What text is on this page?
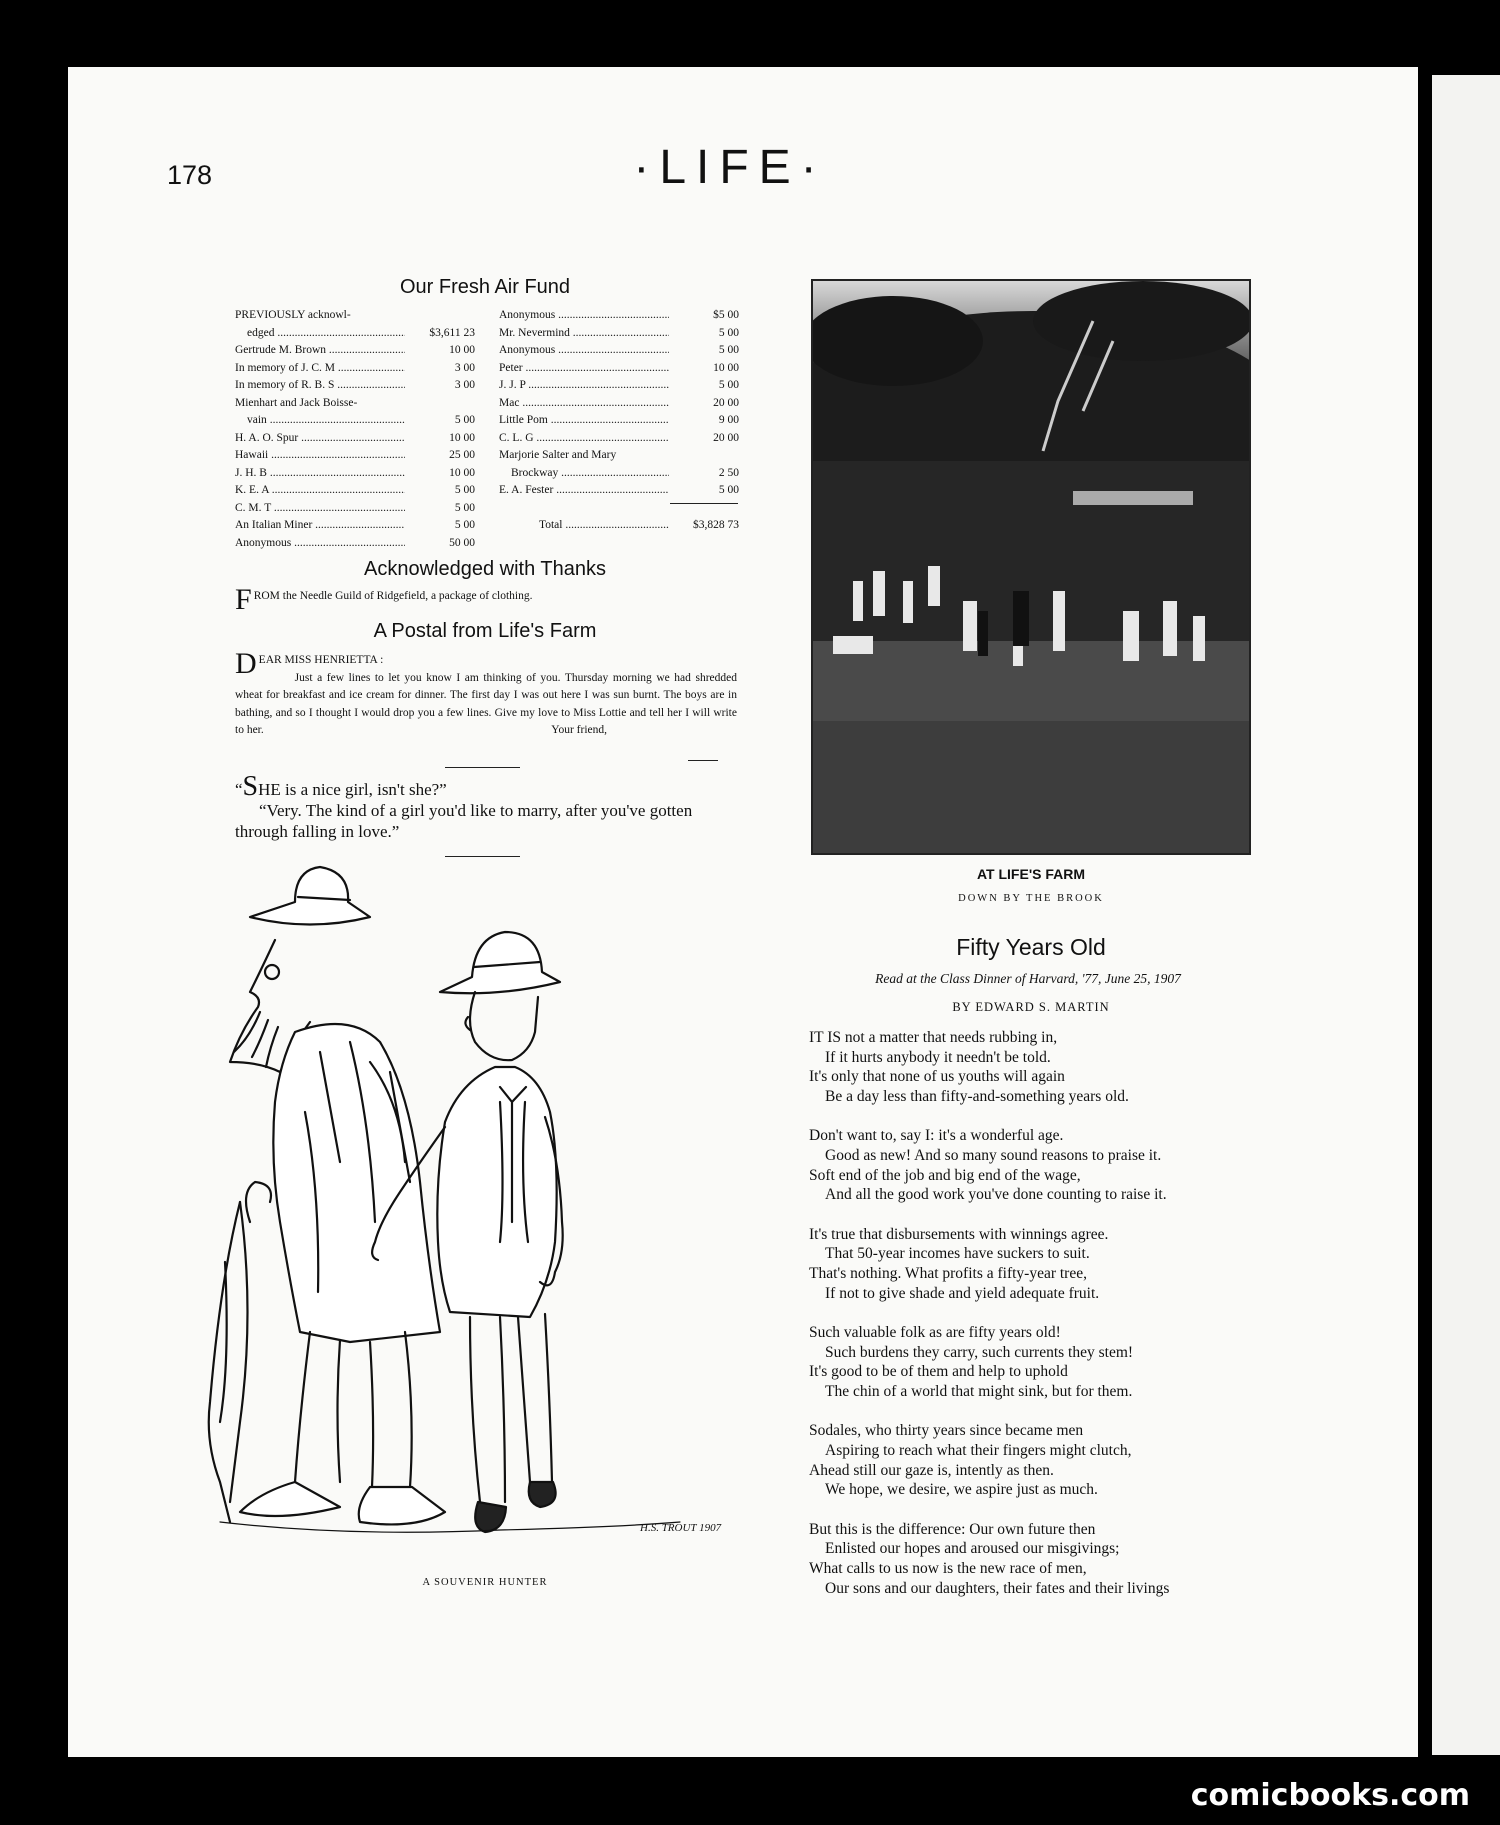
178	·LIFE·
Our Fresh Air Fund
PREVIOUSLY acknowl-
edged .....	$3,611 23
Gertrude M. Brown .....	10 00
In memory of J. C. M .....	3 00
In memory of R. B. S .....	3 00
Mienhart and Jack Boisse-
vain .....	5 00
H. A. O. Spur .....	10 00
Hawaii .....	25 00
J. H. B .....	10 00
K. E. A .....	5 00
C. M. T .....	5 00
An Italian Miner .....	5 00
Anonymous .....	50 00
Anonymous .....	$5 00
Mr. Nevermind .....	5 00
Anonymous .....	5 00
Peter .....	10 00
J. J. P .....	5 00
Mac .....	20 00
Little Pom .....	9 00
C. L. G .....	20 00
Marjorie Salter and Mary
Brockway .....	2 50
E. A. Fester .....	5 00
Total .....	$3,828 73
Acknowledged with Thanks
FROM the Needle Guild of Ridgefield, a package of clothing.
A Postal from Life's Farm
DEAR MISS HENRIETTA :
Just a few lines to let you know I am thinking of you. Thursday morning we had shredded wheat for breakfast and ice cream for dinner. The first day I was out here I was sun burnt. The boys are in bathing, and so I thought I would drop you a few lines. Give my love to Miss Lottie and tell her I will write to her.	Your friend,
“SHE is a nice girl, isn't she?”
“Very. The kind of a girl you'd like to marry, after you've gotten through falling in love.”
H.S. TROUT 1907
A SOUVENIR HUNTER
AT LIFE'S FARM
DOWN BY THE BROOK
Fifty Years Old
Read at the Class Dinner of Harvard, '77, June 25, 1907
BY EDWARD S. MARTIN
IT IS not a matter that needs rubbing in,
If it hurts anybody it needn't be told.
It's only that none of us youths will again
Be a day less than fifty-and-something years old.
Don't want to, say I: it's a wonderful age.
Good as new! And so many sound reasons to praise it.
Soft end of the job and big end of the wage,
And all the good work you've done counting to raise it.
It's true that disbursements with winnings agree.
That 50-year incomes have suckers to suit.
That's nothing. What profits a fifty-year tree,
If not to give shade and yield adequate fruit.
Such valuable folk as are fifty years old!
Such burdens they carry, such currents they stem!
It's good to be of them and help to uphold
The chin of a world that might sink, but for them.
Sodales, who thirty years since became men
Aspiring to reach what their fingers might clutch,
Ahead still our gaze is, intently as then.
We hope, we desire, we aspire just as much.
But this is the difference: Our own future then
Enlisted our hopes and aroused our misgivings;
What calls to us now is the new race of men,
Our sons and our daughters, their fates and their livings
comicbooks.com
